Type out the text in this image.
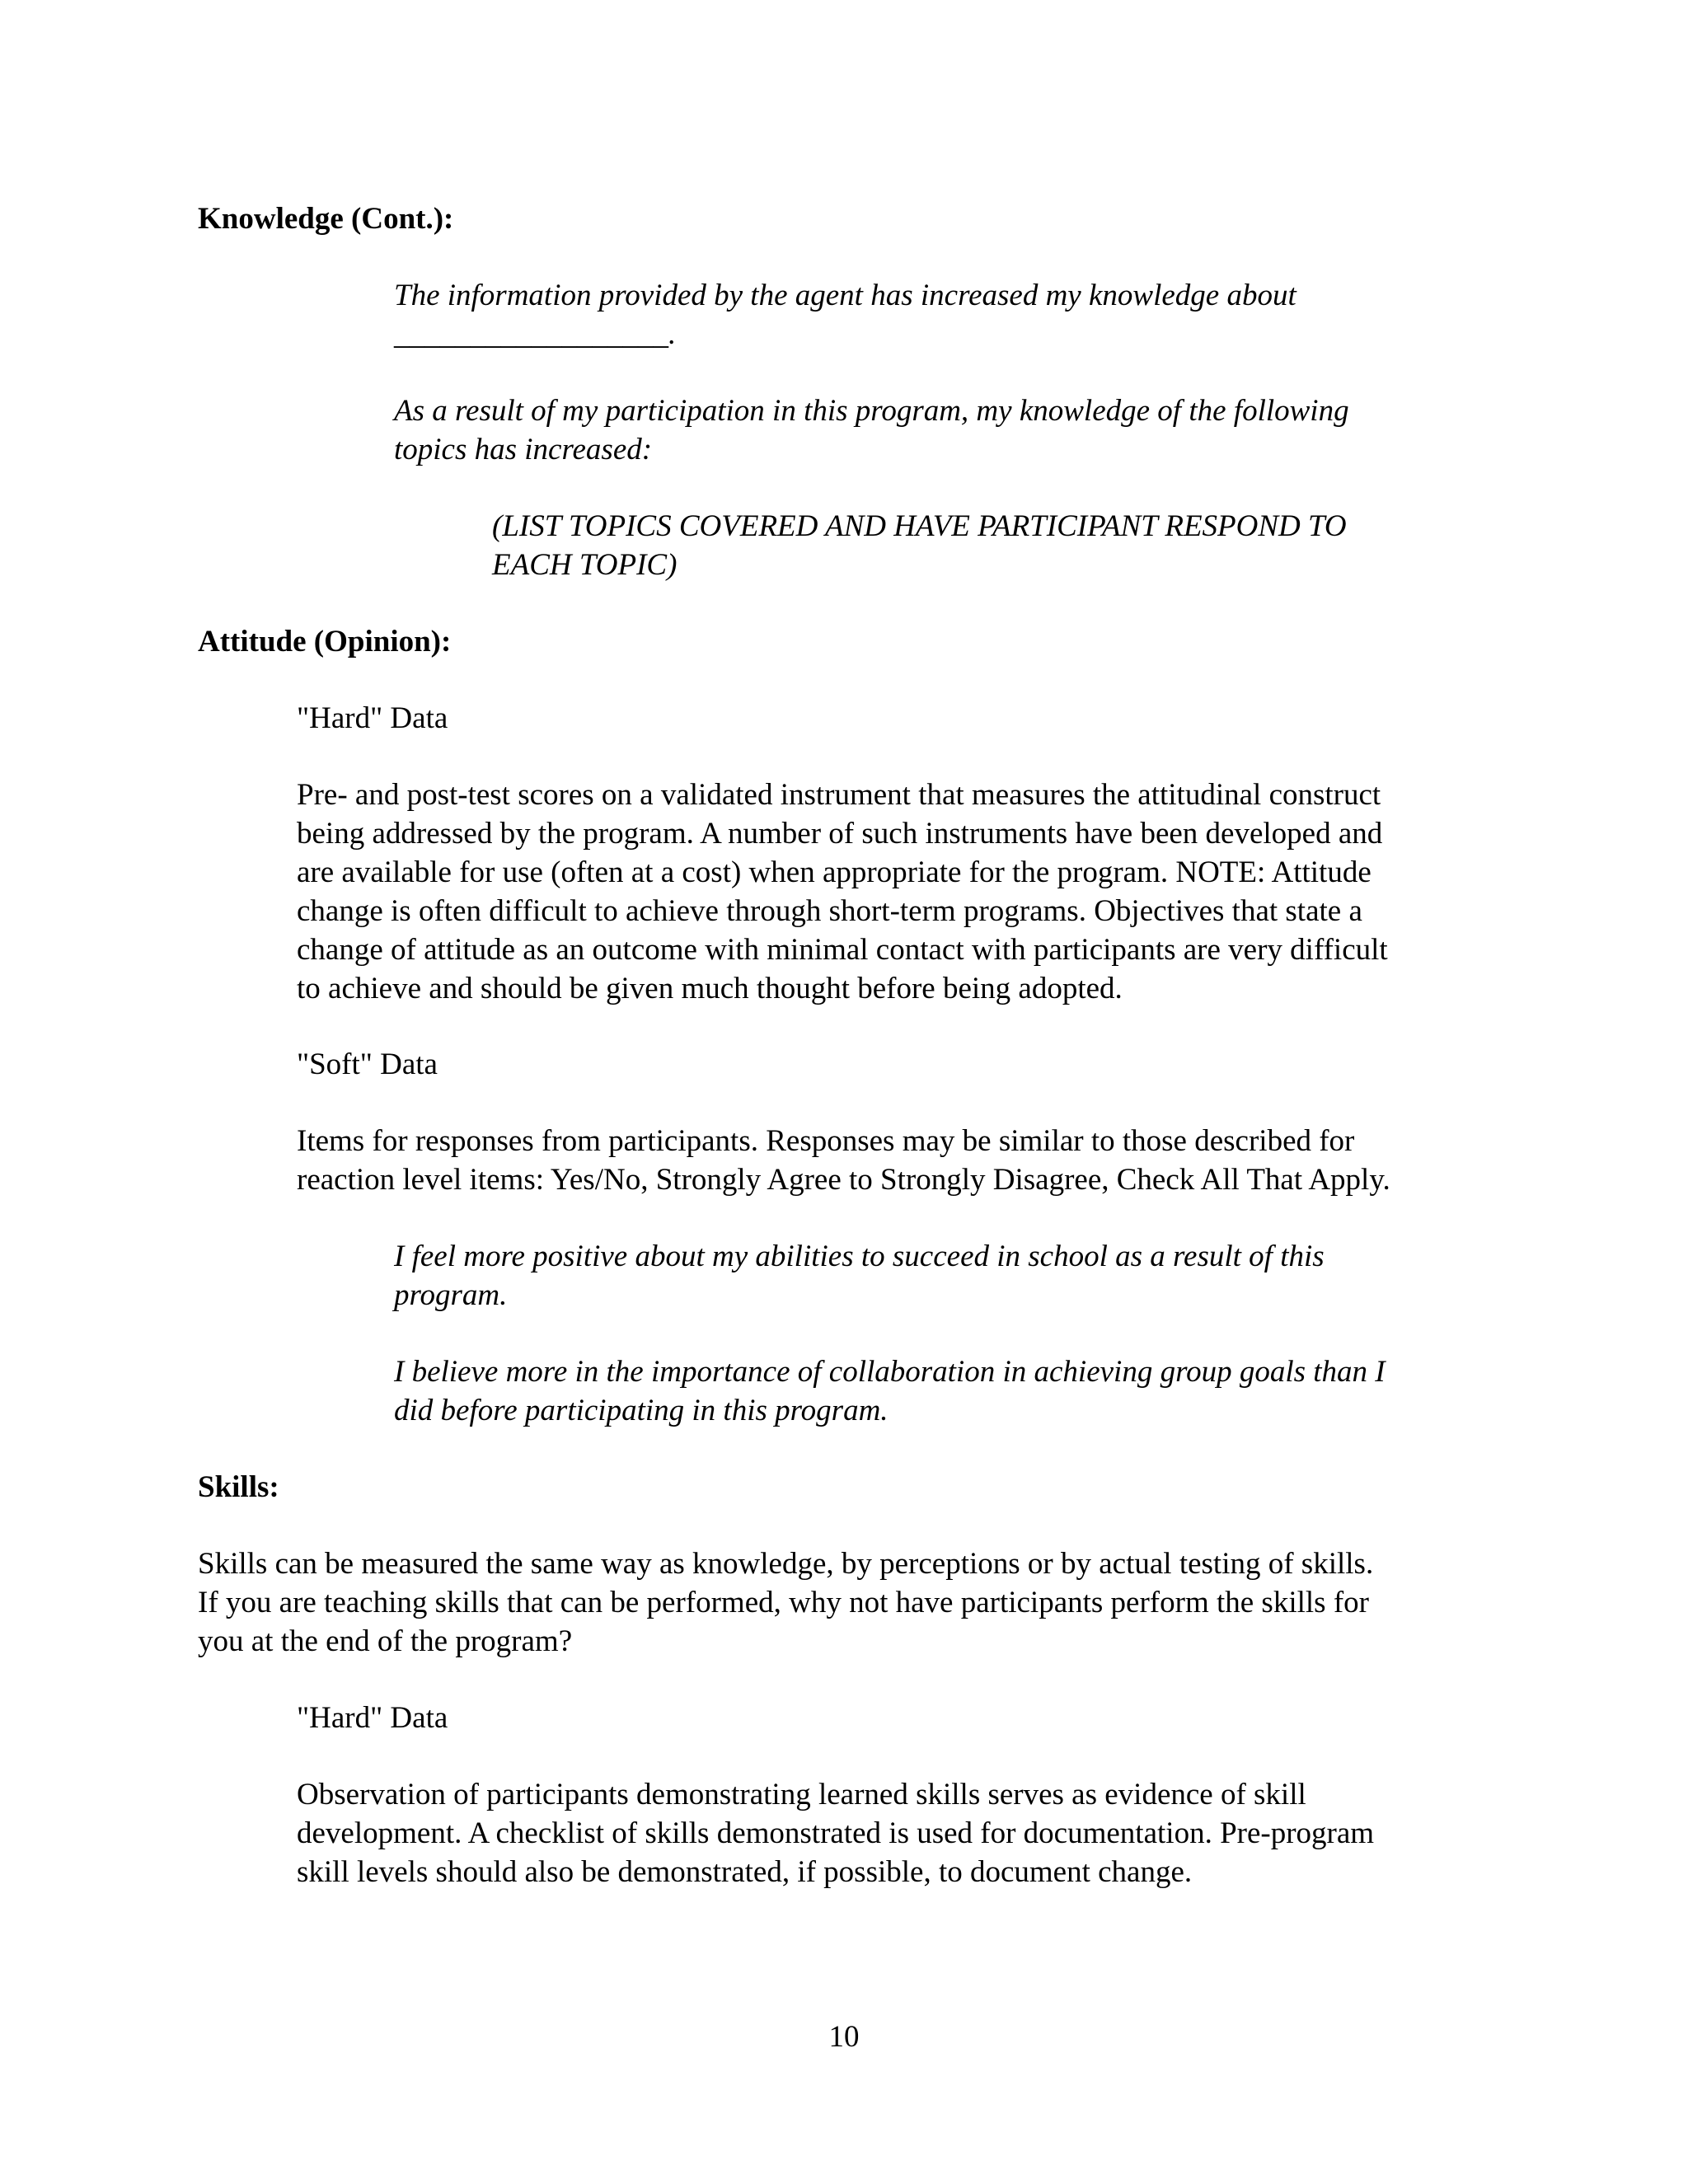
Knowledge (Cont.):

The information provided by the agent has increased my knowledge about
__________________.
As a result of my participation in this program, my knowledge of the following
topics has increased:
(LIST TOPICS COVERED AND HAVE PARTICIPANT RESPOND TO
EACH TOPIC)

Attitude (Opinion):

"Hard" Data

Pre- and post-test scores on a validated instrument that measures the attitudinal construct
being addressed by the program. A number of such instruments have been developed and
are available for use (often at a cost) when appropriate for the program. NOTE: Attitude
change is often difficult to achieve through short-term programs. Objectives that state a
change of attitude as an outcome with minimal contact with participants are very difficult
to achieve and should be given much thought before being adopted.

"Soft" Data

Items for responses from participants. Responses may be similar to those described for
reaction level items: Yes/No, Strongly Agree to Strongly Disagree, Check All That Apply.
I feel more positive about my abilities to succeed in school as a result of this
program.
I believe more in the importance of collaboration in achieving group goals than I
did before participating in this program.

Skills:

Skills can be measured the same way as knowledge, by perceptions or by actual testing of skills.
If you are teaching skills that can be performed, why not have participants perform the skills for
you at the end of the program?

"Hard" Data

Observation of participants demonstrating learned skills serves as evidence of skill
development. A checklist of skills demonstrated is used for documentation. Pre-program
skill levels should also be demonstrated, if possible, to document change.
10
